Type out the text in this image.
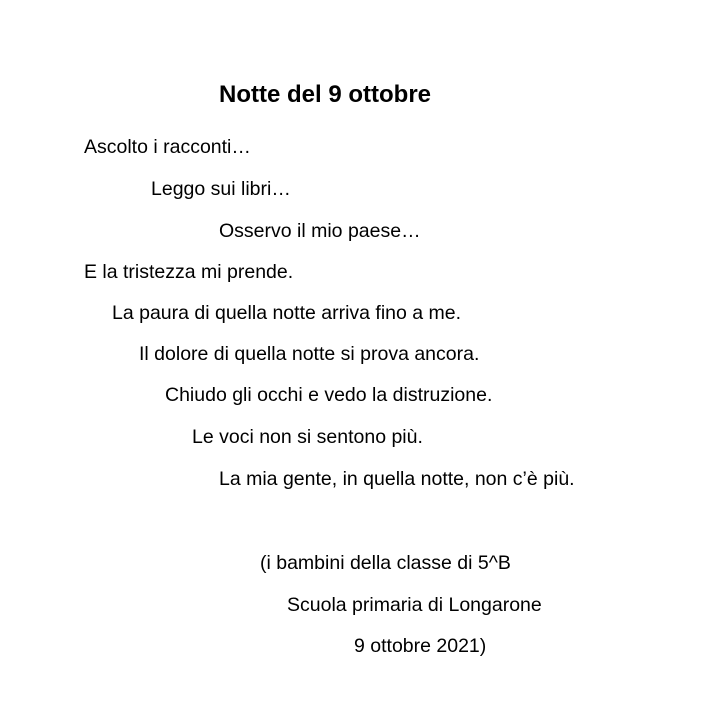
Notte del 9 ottobre
Ascolto i racconti…
Leggo sui libri…
Osservo il mio paese…
E la tristezza mi prende.
La paura di quella notte arriva fino a me.
Il dolore di quella notte si prova ancora.
Chiudo gli occhi e vedo la distruzione.
Le voci non si sentono più.
La mia gente, in quella notte, non c’è più.
(i bambini della classe di 5^B
Scuola primaria di Longarone
9 ottobre 2021)
